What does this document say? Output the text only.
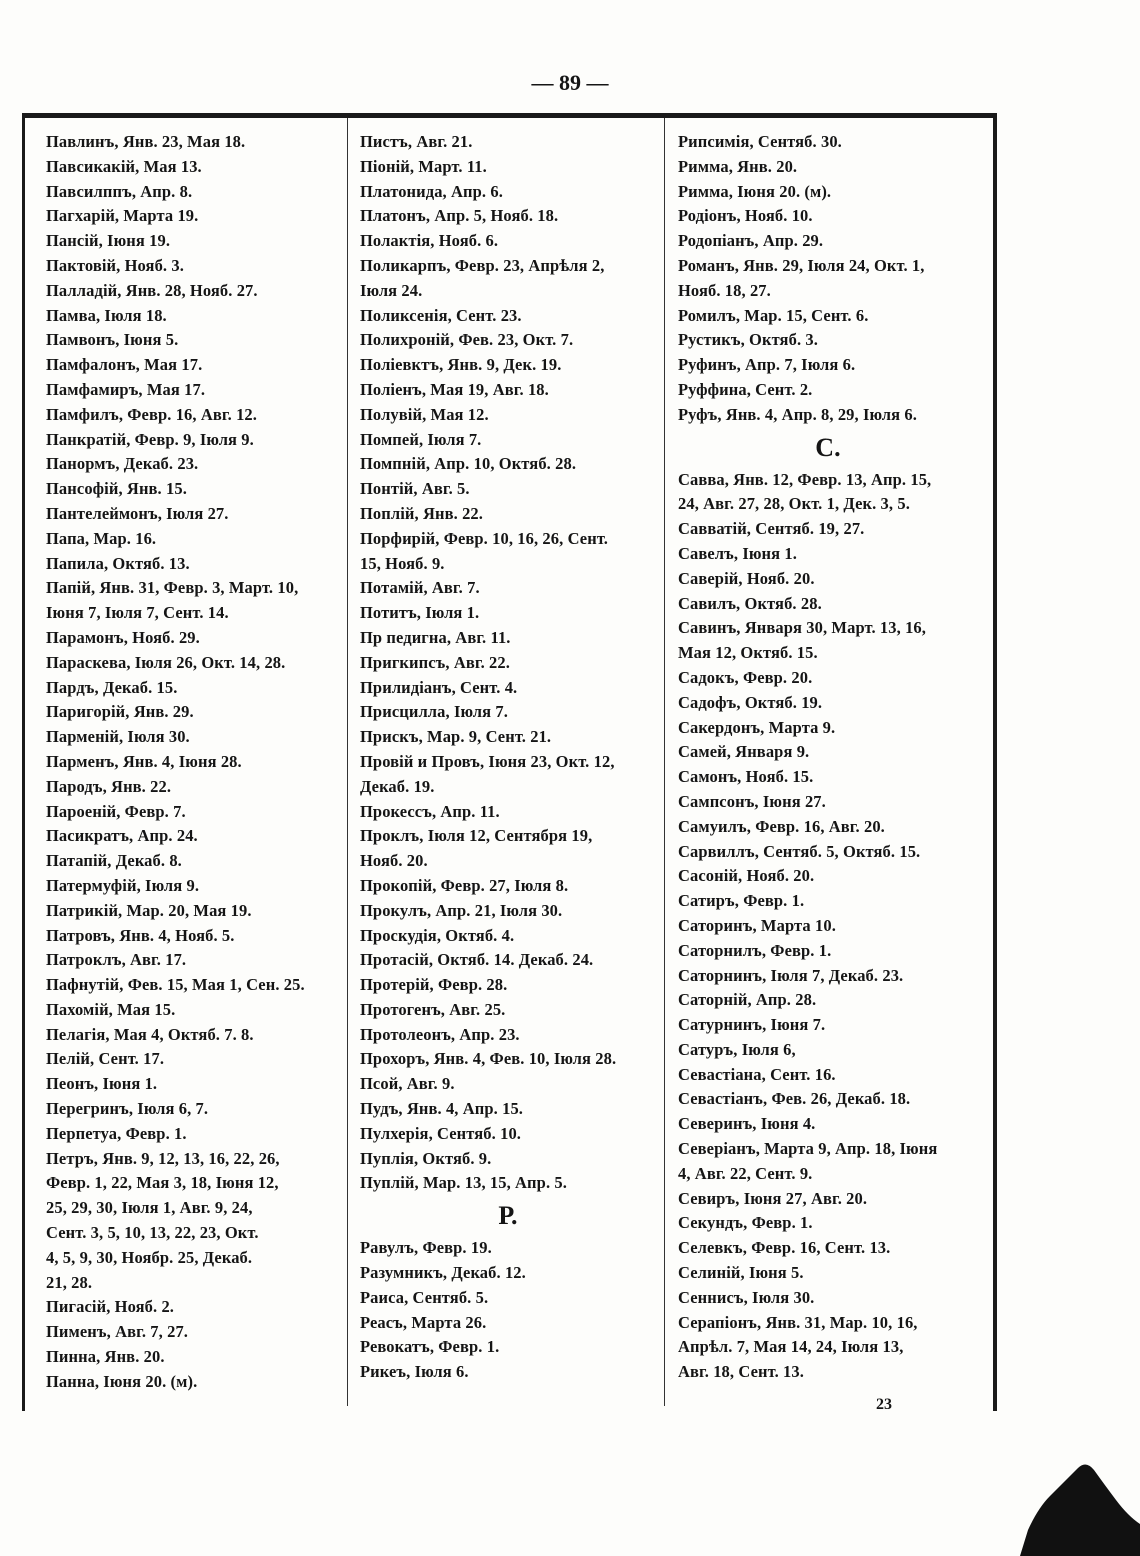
— 89 —
Павлинъ, Янв. 23, Мая 18.
Павсикакій, Мая 13.
Павсилппъ, Апр. 8.
Пагхарій, Марта 19.
Пансій, Іюня 19.
Пактовій, Нояб. 3.
Палладій, Янв. 28, Нояб. 27.
Памва, Іюля 18.
Памвонъ, Іюня 5.
Памфалонъ, Мая 17.
Памфамиръ, Мая 17.
Памфилъ, Февр. 16, Авг. 12.
Панкратій, Февр. 9, Іюля 9.
Панормъ, Декаб. 23.
Пансофій, Янв. 15.
Пантелеймонъ, Іюля 27.
Папа, Мар. 16.
Папила, Октяб. 13.
Папій, Янв. 31, Февр. 3, Март. 10,
Іюня 7, Іюля 7, Сент. 14.
Парамонъ, Нояб. 29.
Параскева, Іюля 26, Окт. 14, 28.
Пардъ, Декаб. 15.
Паригорій, Янв. 29.
Парменій, Іюля 30.
Парменъ, Янв. 4, Іюня 28.
Пародъ, Янв. 22.
Пароеній, Февр. 7.
Пасикратъ, Апр. 24.
Патапій, Декаб. 8.
Патермуфій, Іюля 9.
Патрикій, Мар. 20, Мая 19.
Патровъ, Янв. 4, Нояб. 5.
Патроклъ, Авг. 17.
Пафнутій, Фев. 15, Мая 1, Сен. 25.
Пахомій, Мая 15.
Пелагія, Мая 4, Октяб. 7. 8.
Пелій, Сент. 17.
Пеонъ, Іюня 1.
Перегринъ, Іюля 6, 7.
Перпетуа, Февр. 1.
Петръ, Янв. 9, 12, 13, 16, 22, 26,
Февр. 1, 22, Мая 3, 18, Іюня 12,
25, 29, 30, Іюля 1, Авг. 9, 24,
Сент. 3, 5, 10, 13, 22, 23, Окт.
4, 5, 9, 30, Ноябр. 25, Декаб.
21, 28.
Пигасій, Нояб. 2.
Пименъ, Авг. 7, 27.
Пинна, Янв. 20.
Панна, Іюня 20. (м).
Пистъ, Авг. 21.
Піоній, Март. 11.
Платонида, Апр. 6.
Платонъ, Апр. 5, Нояб. 18.
Полактія, Нояб. 6.
Поликарпъ, Февр. 23, Апрѣля 2,
Іюля 24.
Поликсенія, Сент. 23.
Полихроній, Фев. 23, Окт. 7.
Поліевктъ, Янв. 9, Дек. 19.
Поліенъ, Мая 19, Авг. 18.
Полувій, Мая 12.
Помпей, Іюля 7.
Помпній, Апр. 10, Октяб. 28.
Понтій, Авг. 5.
Поплій, Янв. 22.
Порфирій, Февр. 10, 16, 26, Сент.
15, Нояб. 9.
Потамій, Авг. 7.
Потитъ, Іюля 1.
Пр педигна, Авг. 11.
Пригкипсъ, Авг. 22.
Прилидіанъ, Сент. 4.
Присцилла, Іюля 7.
Прискъ, Мар. 9, Сент. 21.
Провій и Провъ, Іюня 23, Окт. 12,
Декаб. 19.
Прокессъ, Апр. 11.
Проклъ, Іюля 12, Сентября 19,
Нояб. 20.
Прокопій, Февр. 27, Іюля 8.
Прокулъ, Апр. 21, Іюля 30.
Проскудія, Октяб. 4.
Протасій, Октяб. 14. Декаб. 24.
Протерій, Февр. 28.
Протогенъ, Авг. 25.
Протолеонъ, Апр. 23.
Прохоръ, Янв. 4, Фев. 10, Іюля 28.
Псой, Авг. 9.
Пудъ, Янв. 4, Апр. 15.
Пулхерія, Сентяб. 10.
Пуплія, Октяб. 9.
Пуплій, Мар. 13, 15, Апр. 5.
Р.
Равулъ, Февр. 19.
Разумникъ, Декаб. 12.
Раиса, Сентяб. 5.
Реасъ, Марта 26.
Ревокатъ, Февр. 1.
Рикеъ, Іюля 6.
Рипсимія, Сентяб. 30.
Римма, Янв. 20.
Римма, Іюня 20. (м).
Родіонъ, Нояб. 10.
Родопіанъ, Апр. 29.
Романъ, Янв. 29, Іюля 24, Окт. 1,
Нояб. 18, 27.
Ромилъ, Мар. 15, Сент. 6.
Рустикъ, Октяб. 3.
Руфинъ, Апр. 7, Іюля 6.
Руффина, Сент. 2.
Руфъ, Янв. 4, Апр. 8, 29, Іюля 6.
С.
Савва, Янв. 12, Февр. 13, Апр. 15,
24, Авг. 27, 28, Окт. 1, Дек. 3, 5.
Савватій, Сентяб. 19, 27.
Савелъ, Іюня 1.
Саверій, Нояб. 20.
Савилъ, Октяб. 28.
Савинъ, Января 30, Март. 13, 16,
Мая 12, Октяб. 15.
Садокъ, Февр. 20.
Садофъ, Октяб. 19.
Сакердонъ, Марта 9.
Самей, Января 9.
Самонъ, Нояб. 15.
Сампсонъ, Іюня 27.
Самуилъ, Февр. 16, Авг. 20.
Сарвиллъ, Сентяб. 5, Октяб. 15.
Сасоній, Нояб. 20.
Сатиръ, Февр. 1.
Саторинъ, Марта 10.
Саторнилъ, Февр. 1.
Саторнинъ, Іюля 7, Декаб. 23.
Саторній, Апр. 28.
Сатурнинъ, Іюня 7.
Сатуръ, Іюля 6,
Севастіана, Сент. 16.
Севастіанъ, Фев. 26, Декаб. 18.
Северинъ, Іюня 4.
Северіанъ, Марта 9, Апр. 18, Іюня
4, Авг. 22, Сент. 9.
Севиръ, Іюня 27, Авг. 20.
Секундъ, Февр. 1.
Селевкъ, Февр. 16, Сент. 13.
Селиній, Іюня 5.
Сеннисъ, Іюля 30.
Серапіонъ, Янв. 31, Мар. 10, 16,
Апрѣл. 7, Мая 14, 24, Іюля 13,
Авг. 18, Сент. 13.
23
